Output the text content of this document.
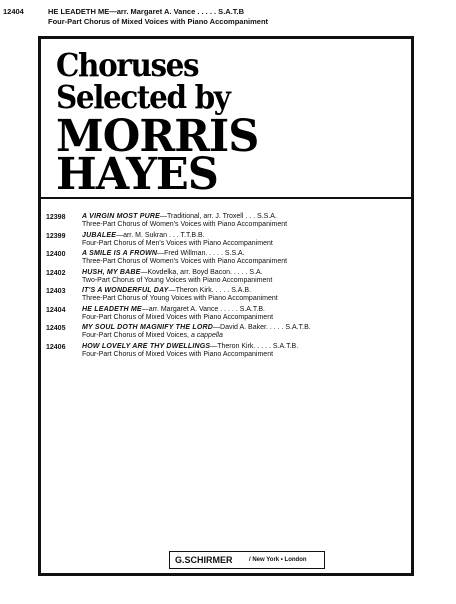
12404	HE LEADETH ME—arr. Margaret A. Vance . . . . . S.A.T.B
Four-Part Chorus of Mixed Voices with Piano Accompaniment
Choruses
Selected by
MORRIS
HAYES
12398 A VIRGIN MOST PURE—Traditional, arr. J. Troxell . . . S.S.A.
Three-Part Chorus of Women's Voices with Piano Accompaniment
12399 JUBALEE—arr. M. Sukran . . . T.T.B.B.
Four-Part Chorus of Men's Voices with Piano Accompaniment
12400 A SMILE IS A FROWN—Fred Willman. . . . . S.S.A.
Three-Part Chorus of Women's Voices with Piano Accompaniment
12402 HUSH, MY BABE—Kovdelka, arr. Boyd Bacon. . . . . S.A.
Two-Part Chorus of Young Voices with Piano Accompaniment
12403 IT'S A WONDERFUL DAY—Theron Kirk. . . . . S.A.B.
Three-Part Chorus of Young Voices with Piano Accompaniment
12404 HE LEADETH ME—arr. Margaret A. Vance . . . . . S.A.T.B.
Four-Part Chorus of Mixed Voices with Piano Accompaniment
12405 MY SOUL DOTH MAGNIFY THE LORD—David A. Baker. . . . . S.A.T.B.
Four-Part Chorus of Mixed Voices, a cappella
12406 HOW LOVELY ARE THY DWELLINGS—Theron Kirk. . . . . S.A.T.B.
Four-Part Chorus of Mixed Voices with Piano Accompaniment
G.SCHIRMER	/ New York • London
